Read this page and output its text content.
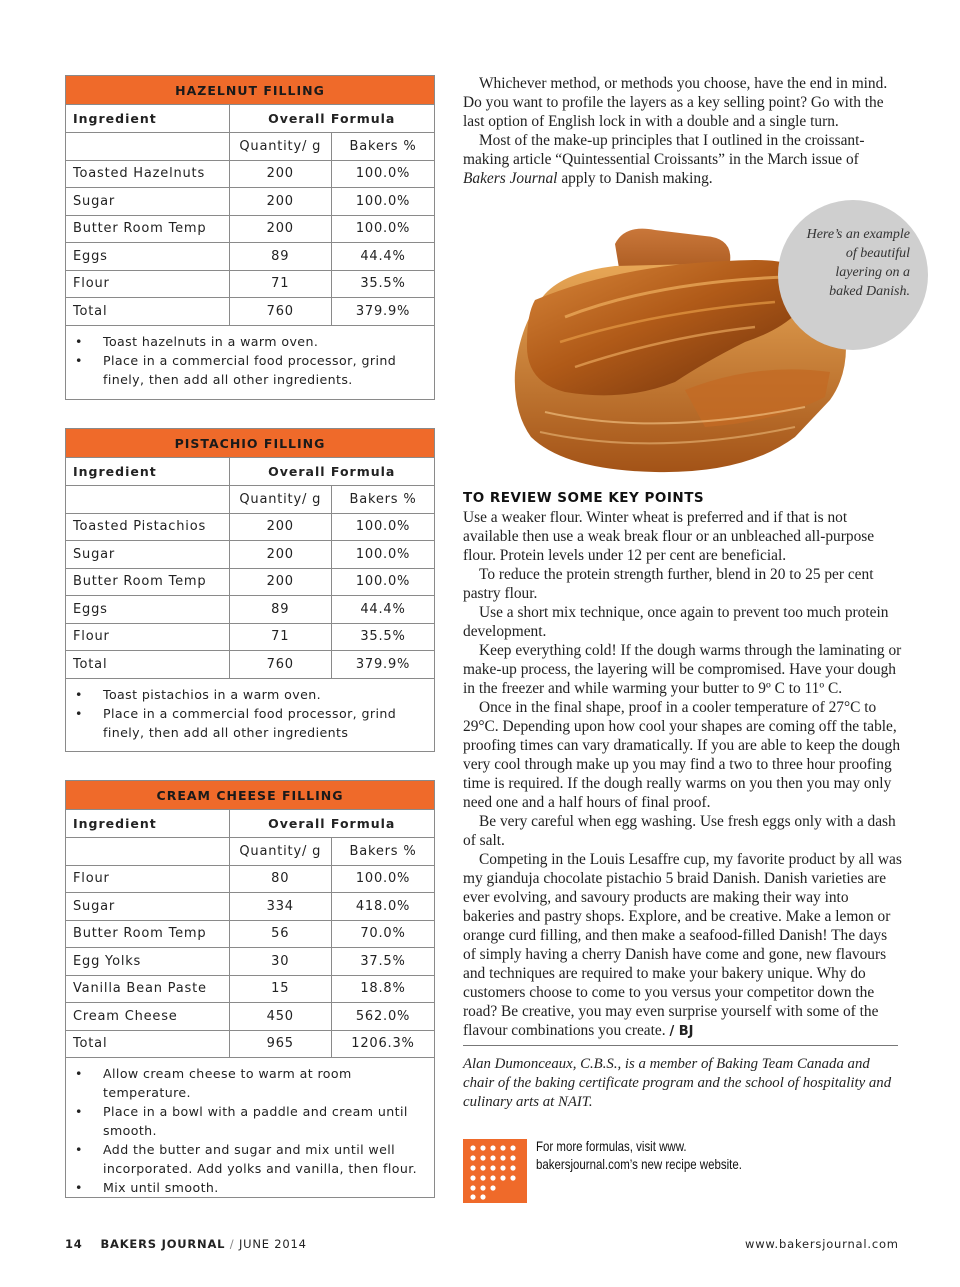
HAZELNUT FILLING
Ingredient	Overall Formula	
	Quantity/ g	Bakers %
Toasted Hazelnuts	200	100.0%
Sugar	200	100.0%
Butter Room Temp	200	100.0%
Eggs	89	44.4%
Flour	71	35.5%
Total	760	379.9%
• Toast hazelnuts in a warm oven.
• Place in a commercial food processor, grind finely, then add all other ingredients.
PISTACHIO FILLING
Ingredient	Overall Formula	
	Quantity/ g	Bakers %
Toasted Pistachios	200	100.0%
Sugar	200	100.0%
Butter Room Temp	200	100.0%
Eggs	89	44.4%
Flour	71	35.5%
Total	760	379.9%
• Toast pistachios in a warm oven.
• Place in a commercial food processor, grind finely, then add all other ingredients
CREAM CHEESE FILLING
Ingredient	Overall Formula	
	Quantity/ g	Bakers %
Flour	80	100.0%
Sugar	334	418.0%
Butter Room Temp	56	70.0%
Egg Yolks	30	37.5%
Vanilla Bean Paste	15	18.8%
Cream Cheese	450	562.0%
Total	965	1206.3%
• Allow cream cheese to warm at room temperature.
• Place in a bowl with a paddle and cream until smooth.
• Add the butter and sugar and mix until well incorporated. Add yolks and vanilla, then flour.
• Mix until smooth.

Whichever method, or methods you choose, have the end in mind. Do you want to profile the layers as a key selling point? Go with the last option of English lock in with a double and a single turn.

Most of the make-up principles that I outlined in the croissant-making article “Quintessential Croissants” in the March issue of Bakers Journal apply to Danish making.

Here’s an example of beautiful layering on a baked Danish.
TO REVIEW SOME KEY POINTS

Use a weaker flour. Winter wheat is preferred and if that is not available then use a weak break flour or an unbleached all-purpose flour. Protein levels under 12 per cent are beneficial.

To reduce the protein strength further, blend in 20 to 25 per cent pastry flour.

Use a short mix technique, once again to prevent too much protein development.

Keep everything cold! If the dough warms through the laminating or make-up process, the layering will be compromised. Have your dough in the freezer and while warming your butter to 9º C to 11º C.

Once in the final shape, proof in a cooler temperature of 27°C to 29°C. Depending upon how cool your shapes are coming off the table, proofing times can vary dramatically. If you are able to keep the dough very cool through make up you may find a two to three hour proofing time is required. If the dough really warms on you then you may only need one and a half hours of final proof.

Be very careful when egg washing. Use fresh eggs only with a dash of salt.

Competing in the Louis Lesaffre cup, my favorite product by all was my gianduja chocolate pistachio 5 braid Danish. Danish varieties are ever evolving, and savoury products are making their way into bakeries and pastry shops. Explore, and be creative. Make a lemon or orange curd filling, and then make a seafood-filled Danish! The days of simply having a cherry Danish have come and gone, new flavours and techniques are required to make your bakery unique. Why do customers choose to come to you versus your competitor down the road? Be creative, you may even surprise yourself with some of the flavour combinations you create. / BJ

Alan Dumonceaux, C.B.S., is a member of Baking Team Canada and chair of the baking certificate program and the school of hospitality and culinary arts at NAIT.
For more formulas, visit www. bakersjournal.com’s new recipe website.
14 BAKERS JOURNAL / JUNE 2014	www.bakersjournal.com
